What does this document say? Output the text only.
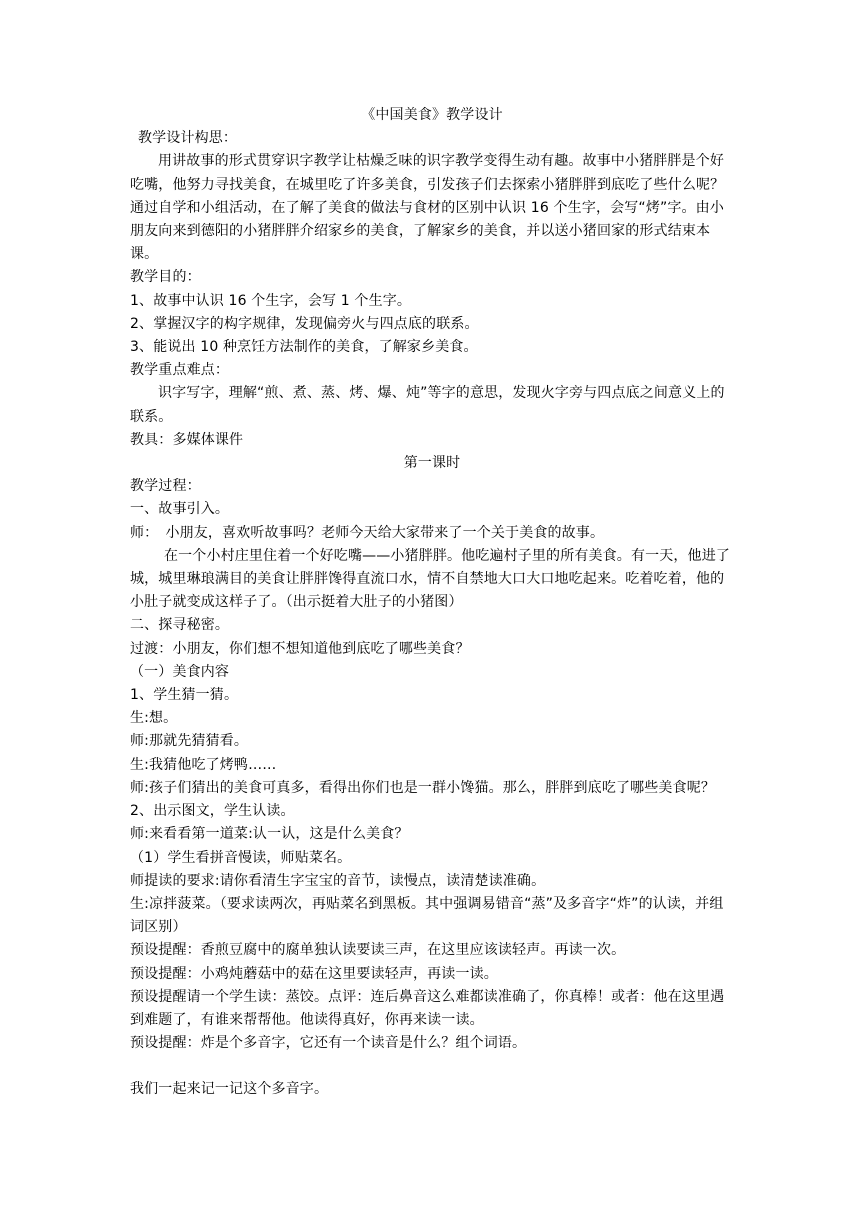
《中国美食》教学设计

教学设计构思：

用讲故事的形式贯穿识字教学让枯燥乏味的识字教学变得生动有趣。故事中小猪胖胖是个好吃嘴，他努力寻找美食，在城里吃了许多美食，引发孩子们去探索小猪胖胖到底吃了些什么呢？通过自学和小组活动，在了解了美食的做法与食材的区别中认识 16 个生字，会写“烤”字。由小朋友向来到德阳的小猪胖胖介绍家乡的美食，了解家乡的美食，并以送小猪回家的形式结束本课。

教学目的：

1、故事中认识 16 个生字，会写 1 个生字。

2、掌握汉字的构字规律，发现偏旁火与四点底的联系。

3、能说出 10 种烹饪方法制作的美食，了解家乡美食。

教学重点难点：

识字写字，理解“煎、煮、蒸、烤、爆、炖”等字的意思，发现火字旁与四点底之间意义上的联系。

教具：多媒体课件

第一课时

教学过程：

一、故事引入。

师：　小朋友，喜欢听故事吗？老师今天给大家带来了一个关于美食的故事。

在一个小村庄里住着一个好吃嘴——小猪胖胖。他吃遍村子里的所有美食。有一天，他进了城，城里琳琅满目的美食让胖胖馋得直流口水，情不自禁地大口大口地吃起来。吃着吃着，他的小肚子就变成这样子了。（出示挺着大肚子的小猪图）

二、探寻秘密。

过渡：小朋友，你们想不想知道他到底吃了哪些美食？

（一）美食内容

1、学生猜一猜。

生:想。

师:那就先猜猜看。

生:我猜他吃了烤鸭……

师:孩子们猜出的美食可真多，看得出你们也是一群小馋猫。那么，胖胖到底吃了哪些美食呢？

2、出示图文，学生认读。

师:来看看第一道菜:认一认，这是什么美食？

（1）学生看拼音慢读，师贴菜名。

师提读的要求:请你看清生字宝宝的音节，读慢点，读清楚读准确。

生:凉拌菠菜。（要求读两次，再贴菜名到黑板。其中强调易错音“蒸”及多音字“炸”的认读，并组词区别）

预设提醒：香煎豆腐中的腐单独认读要读三声，在这里应该读轻声。再读一次。

预设提醒：小鸡炖蘑菇中的菇在这里要读轻声，再读一读。

预设提醒请一个学生读：蒸饺。点评：连后鼻音这么难都读准确了，你真棒！或者：他在这里遇到难题了，有谁来帮帮他。他读得真好，你再来读一读。

预设提醒：炸是个多音字，它还有一个读音是什么？组个词语。

我们一起来记一记这个多音字。
